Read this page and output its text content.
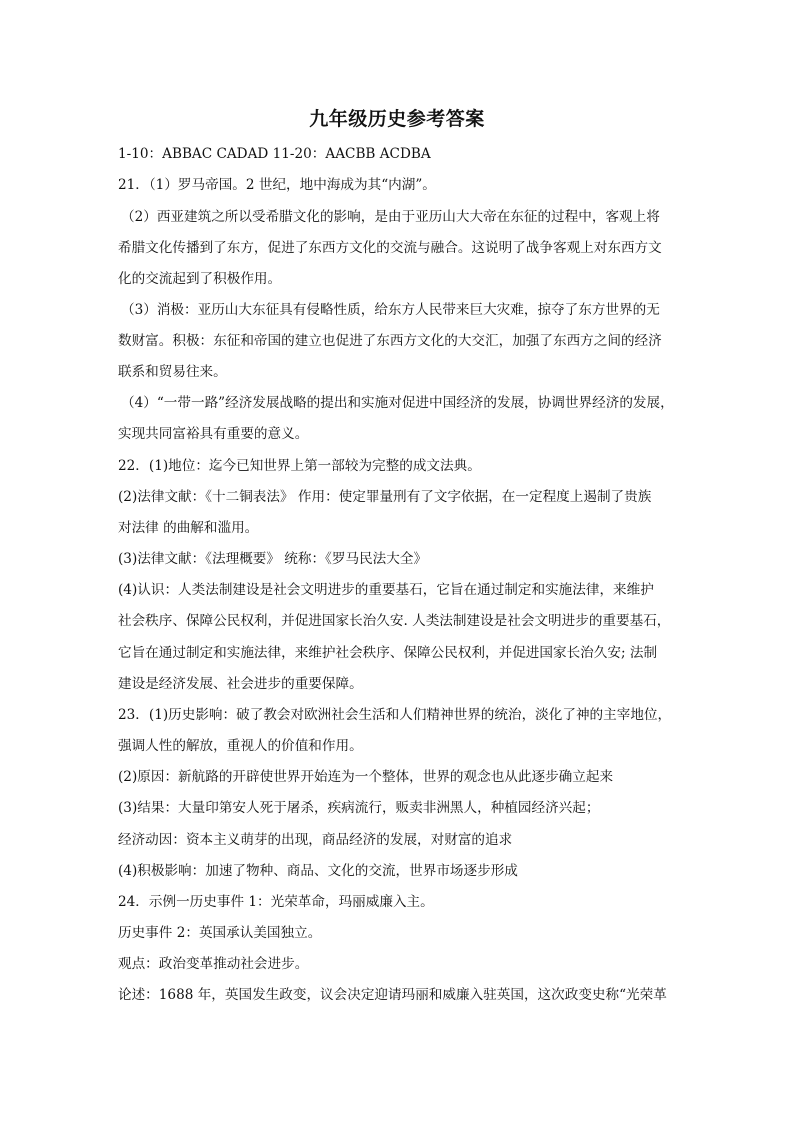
九年级历史参考答案
1-10：ABBAC CADAD 11-20：AACBB ACDBA
21．（1）罗马帝国。2 世纪，地中海成为其“内湖”。
（2）西亚建筑之所以受希腊文化的影响，是由于亚历山大大帝在东征的过程中，客观上将
希腊文化传播到了东方，促进了东西方文化的交流与融合。这说明了战争客观上对东西方文
化的交流起到了积极作用。
（3）消极：亚历山大东征具有侵略性质，给东方人民带来巨大灾难，掠夺了东方世界的无
数财富。积极：东征和帝国的建立也促进了东西方文化的大交汇，加强了东西方之间的经济
联系和贸易往来。
（4）“一带一路”经济发展战略的提出和实施对促进中国经济的发展，协调世界经济的发展，
实现共同富裕具有重要的意义。
22．(1)地位：迄今已知世界上第一部较为完整的成文法典。
(2)法律文献：《十二铜表法》 作用：使定罪量刑有了文字依据，在一定程度上遏制了贵族
对法律 的曲解和滥用。
(3)法律文献：《法理概要》 统称：《罗马民法大全》
(4)认识：人类法制建设是社会文明进步的重要基石，它旨在通过制定和实施法律，来维护
社会秩序、保障公民权利，并促进国家长治久安. 人类法制建设是社会文明进步的重要基石，
它旨在通过制定和实施法律，来维护社会秩序、保障公民权利，并促进国家长治久安; 法制
建设是经济发展、社会进步的重要保障。
23．(1)历史影响：破了教会对欧洲社会生活和人们精神世界的统治，淡化了神的主宰地位，
强调人性的解放，重视人的价值和作用。
(2)原因：新航路的开辟使世界开始连为一个整体，世界的观念也从此逐步确立起来
(3)结果：大量印第安人死于屠杀，疾病流行，贩卖非洲黑人，种植园经济兴起；
经济动因：资本主义萌芽的出现，商品经济的发展，对财富的追求
(4)积极影响：加速了物种、商品、文化的交流，世界市场逐步形成
24．示例一历史事件 1：光荣革命，玛丽威廉入主。
历史事件 2：英国承认美国独立。
观点：政治变革推动社会进步。
论述：1688 年，英国发生政变，议会决定迎请玛丽和威廉入驻英国，这次政变史称“光荣革
